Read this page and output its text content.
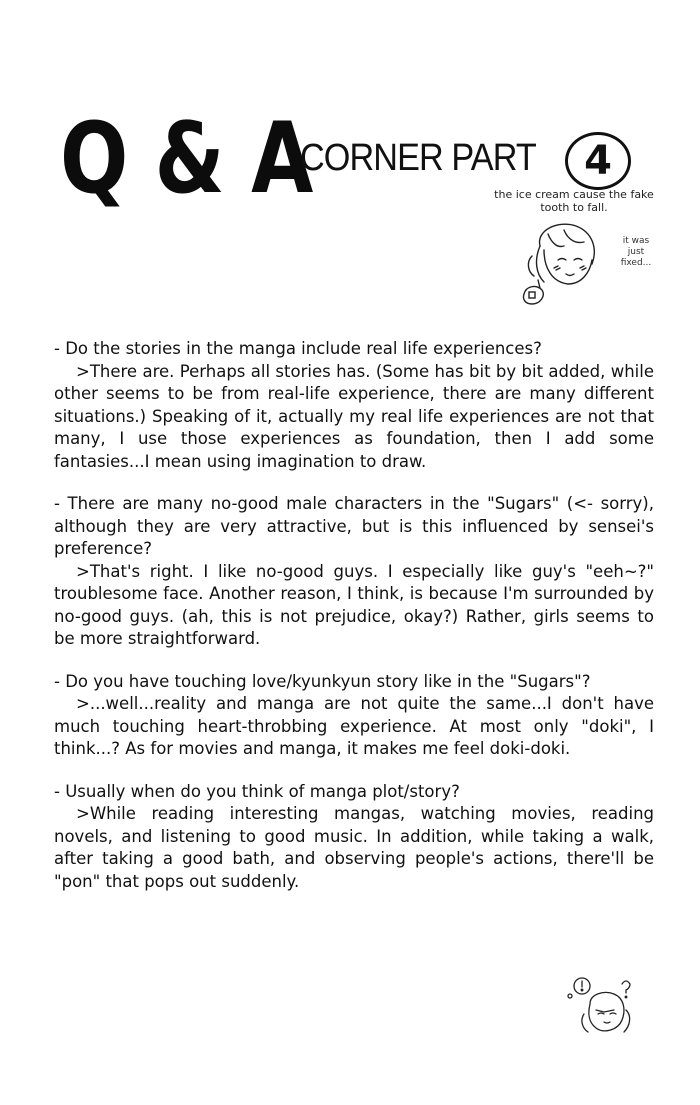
Q & A
CORNER PART 4
the ice cream cause the fake tooth to fall.
it was just fixed...

- Do the stories in the manga include real life experiences?

>There are. Perhaps all stories has. (Some has bit by bit added, while other seems to be from real-life experience, there are many different situations.) Speaking of it, actually my real life experiences are not that many, I use those experiences as foundation, then I add some fantasies...I mean using imagination to draw.

- There are many no-good male characters in the "Sugars" (<- sorry), although they are very attractive, but is this influenced by sensei's preference?

>That's right. I like no-good guys. I especially like guy's "eeh~?" troublesome face. Another reason, I think, is because I'm surrounded by no-good guys. (ah, this is not prejudice, okay?) Rather, girls seems to be more straightforward.

- Do you have touching love/kyunkyun story like in the "Sugars"?

>...well...reality and manga are not quite the same...I don't have much touching heart-throbbing experience. At most only "doki", I think...? As for movies and manga, it makes me feel doki-doki.

- Usually when do you think of manga plot/story?

>While reading interesting mangas, watching movies, reading novels, and listening to good music. In addition, while taking a walk, after taking a good bath, and observing people's actions, there'll be "pon" that pops out suddenly.
